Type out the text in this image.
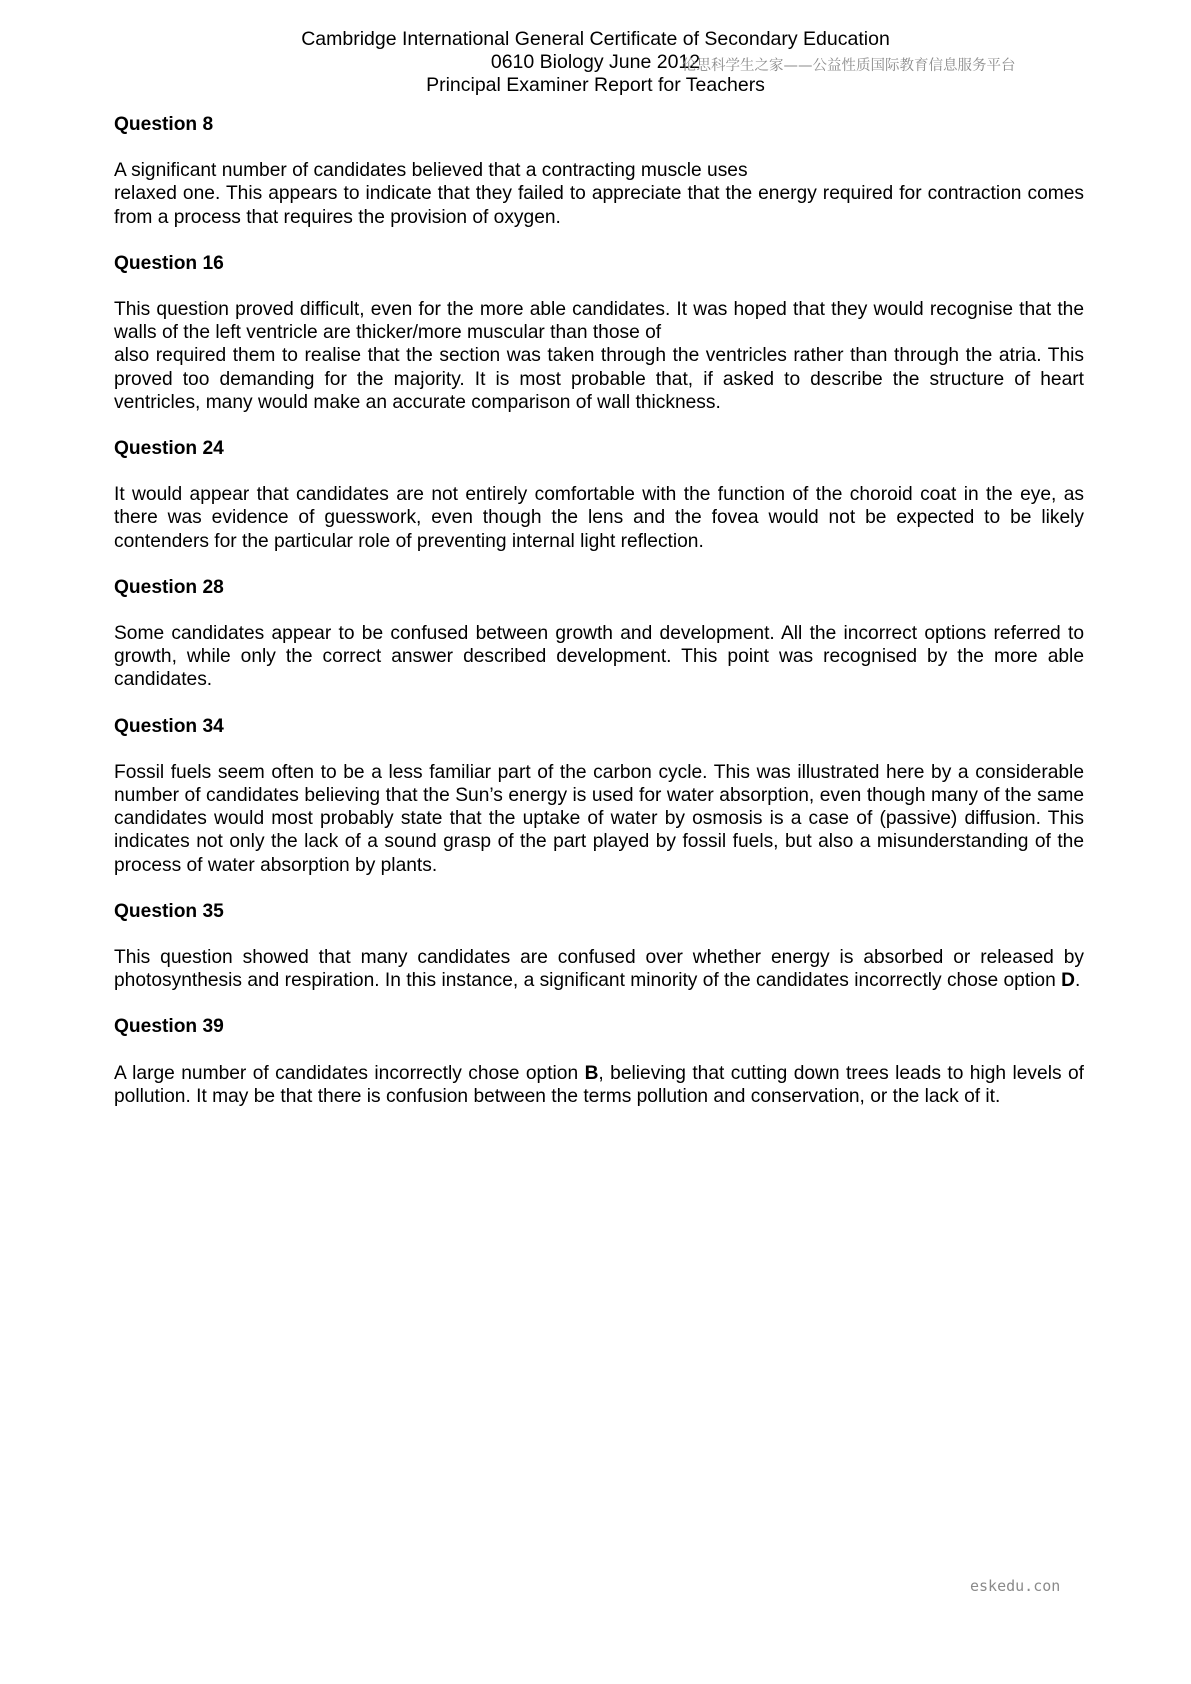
Cambridge International General Certificate of Secondary Education
0610 Biology June 2012
Principal Examiner Report for Teachers
伦思科学生之家——公益性质国际教育信息服务平台

Question 8

A significant number of candidates believed that a contracting muscle uses
relaxed one. This appears to indicate that they failed to appreciate that the energy required for contraction comes from a process that requires the provision of oxygen.

Question 16

This question proved difficult, even for the more able candidates. It was hoped that they would recognise that the walls of the left ventricle are thicker/more muscular than those of
also required them to realise that the section was taken through the ventricles rather than through the atria. This proved too demanding for the majority. It is most probable that, if asked to describe the structure of heart ventricles, many would make an accurate comparison of wall thickness.

Question 24

It would appear that candidates are not entirely comfortable with the function of the choroid coat in the eye, as there was evidence of guesswork, even though the lens and the fovea would not be expected to be likely contenders for the particular role of preventing internal light reflection.

Question 28

Some candidates appear to be confused between growth and development. All the incorrect options referred to growth, while only the correct answer described development. This point was recognised by the more able candidates.

Question 34

Fossil fuels seem often to be a less familiar part of the carbon cycle. This was illustrated here by a considerable number of candidates believing that the Sun’s energy is used for water absorption, even though many of the same candidates would most probably state that the uptake of water by osmosis is a case of (passive) diffusion. This indicates not only the lack of a sound grasp of the part played by fossil fuels, but also a misunderstanding of the process of water absorption by plants.

Question 35

This question showed that many candidates are confused over whether energy is absorbed or released by photosynthesis and respiration. In this instance, a significant minority of the candidates incorrectly chose option D.

Question 39

A large number of candidates incorrectly chose option B, believing that cutting down trees leads to high levels of pollution. It may be that there is confusion between the terms pollution and conservation, or the lack of it.

eskedu.con
